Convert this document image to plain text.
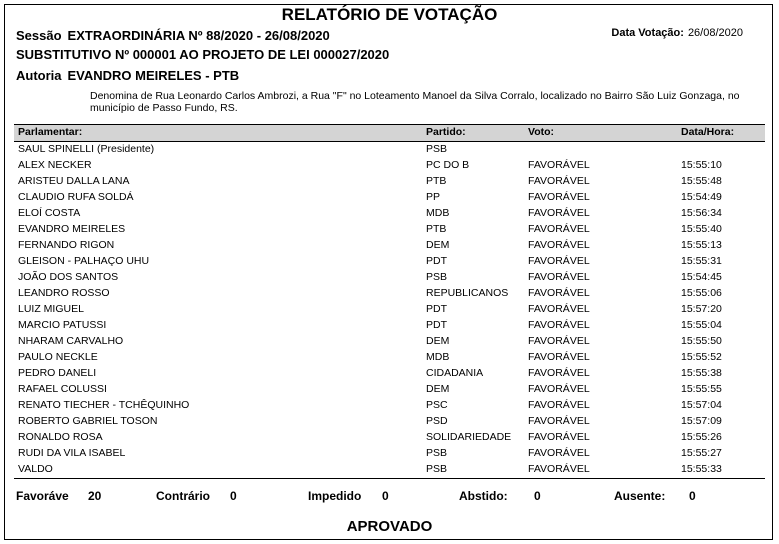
RELATÓRIO DE VOTAÇÃO
Sessão EXTRAORDINÁRIA Nº 88/2020 - 26/08/2020	Data Votação: 26/08/2020
SUBSTITUTIVO Nº 000001 AO PROJETO DE LEI 000027/2020
Autoria EVANDRO MEIRELES - PTB
Denomina de Rua Leonardo Carlos Ambrozi, a Rua "F" no Loteamento Manoel da Silva Corralo, localizado no Bairro São Luiz Gonzaga, no município de Passo Fundo, RS.
Parlamentar:	Partido:	Voto:	Data/Hora:
SAUL SPINELLI (Presidente)	PSB
ALEX NECKER	PC DO B	FAVORÁVEL	15:55:10
ARISTEU DALLA LANA	PTB	FAVORÁVEL	15:55:48
CLAUDIO RUFA SOLDÁ	PP	FAVORÁVEL	15:54:49
ELOÍ COSTA	MDB	FAVORÁVEL	15:56:34
EVANDRO MEIRELES	PTB	FAVORÁVEL	15:55:40
FERNANDO RIGON	DEM	FAVORÁVEL	15:55:13
GLEISON - PALHAÇO UHU	PDT	FAVORÁVEL	15:55:31
JOÃO DOS SANTOS	PSB	FAVORÁVEL	15:54:45
LEANDRO ROSSO	REPUBLICANOS FAVORÁVEL	15:55:06
LUIZ MIGUEL	PDT	FAVORÁVEL	15:57:20
MARCIO PATUSSI	PDT	FAVORÁVEL	15:55:04
NHARAM CARVALHO	DEM	FAVORÁVEL	15:55:50
PAULO NECKLE	MDB	FAVORÁVEL	15:55:52
PEDRO DANELI	CIDADANIA	FAVORÁVEL	15:55:38
RAFAEL COLUSSI	DEM	FAVORÁVEL	15:55:55
RENATO TIECHER - TCHÊQUINHO	PSC	FAVORÁVEL	15:57:04
ROBERTO GABRIEL TOSON	PSD	FAVORÁVEL	15:57:09
RONALDO ROSA	SOLIDARIEDADE FAVORÁVEL	15:55:26
RUDI DA VILA ISABEL	PSB	FAVORÁVEL	15:55:27
VALDO	PSB	FAVORÁVEL	15:55:33
Favoráve 20	Contrário 0	Impedido 0	Abstido: 0	Ausente: 0
APROVADO
